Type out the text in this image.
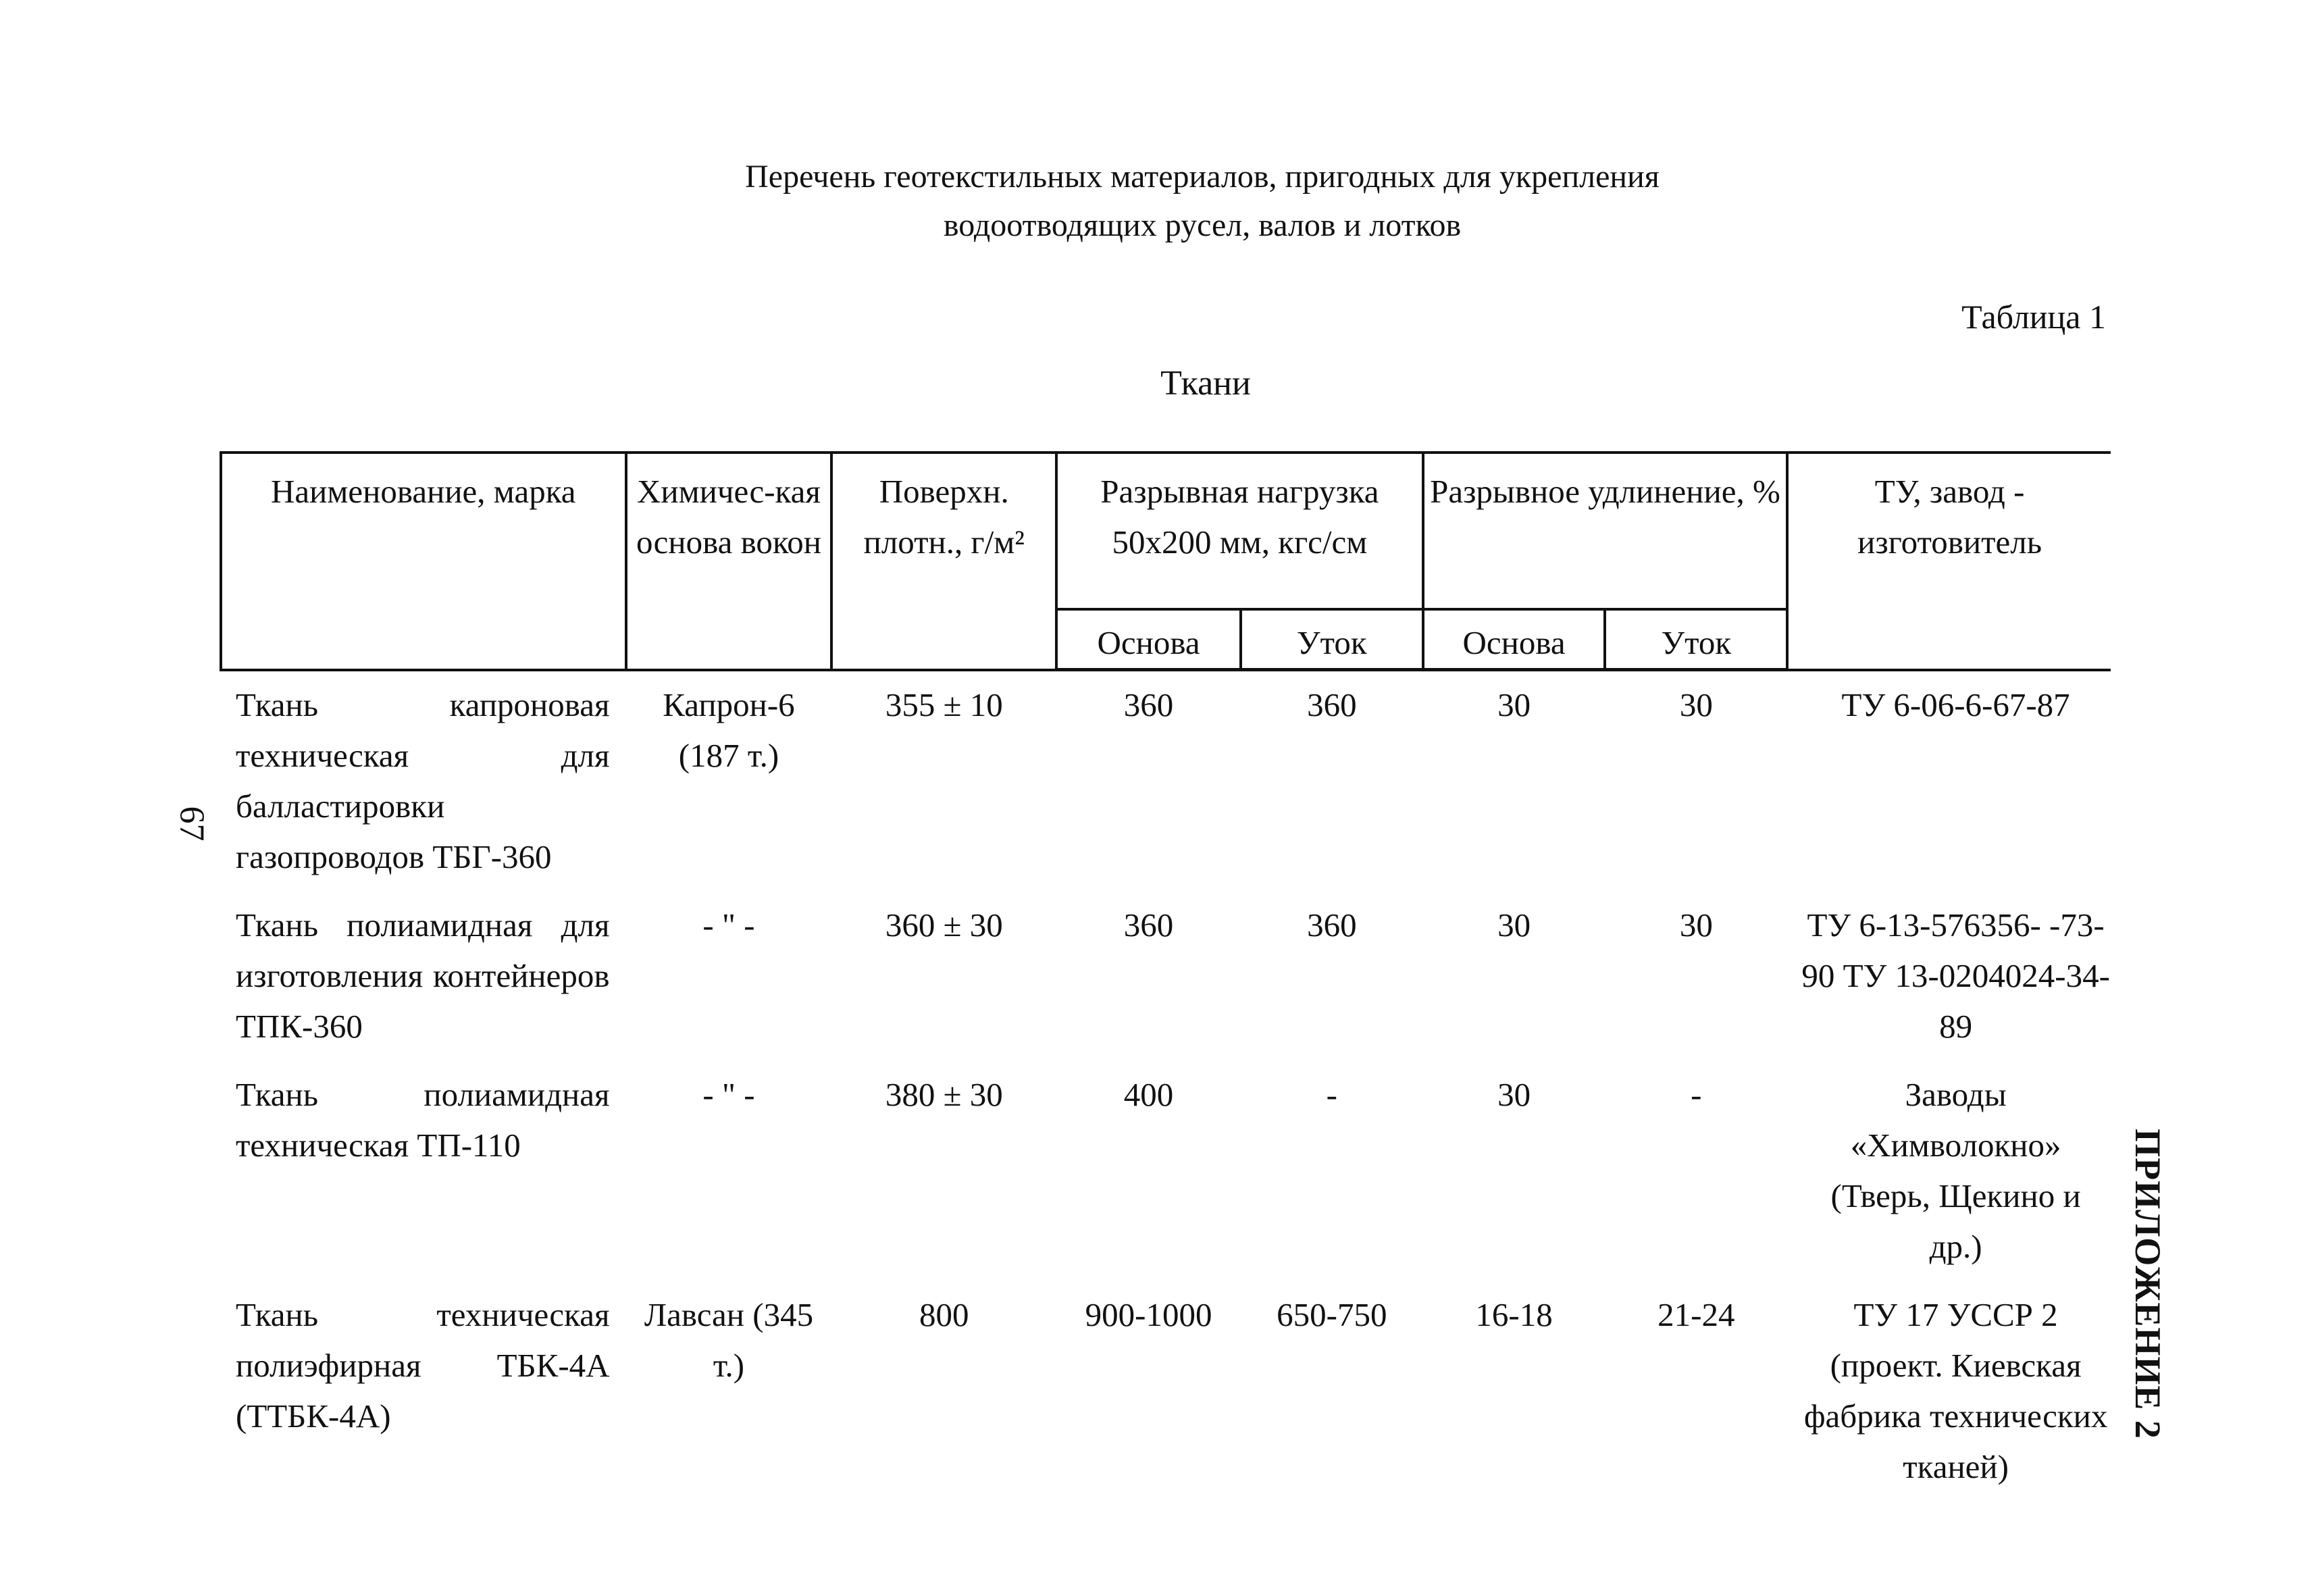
Перечень геотекстильных материалов, пригодных для укрепления
водоотводящих русел, валов и лотков
Таблица 1
Ткани
67
ПРИЛОЖЕНИЕ 2
Наименование, марка	Химичес-кая основа вокон	Поверхн. плотн., г/м²	Разрывная нагрузка 50х200 мм, кгс/см		Разрывное удлинение, %		ТУ, завод - изготовитель
			Основа	Уток	Основа	Уток	
Ткань капроновая техническая для балластировки газопроводов ТБГ-360	Капрон-6 (187 т.)	355 ± 10	360	360	30	30	ТУ 6-06-6-67-87
Ткань полиамидная для изготовления контейнеров ТПК-360	- " -	360 ± 30	360	360	30	30	ТУ 6-13-576356- -73-90 ТУ 13-0204024-34-89
Ткань полиамидная техническая ТП-110	- " -	380 ± 30	400	-	30	-	Заводы «Химволокно» (Тверь, Щекино и др.)
Ткань техническая полиэфирная ТБК-4А (ТТБК-4А)	Лавсан (345 т.)	800	900-1000	650-750	16-18	21-24	ТУ 17 УССР 2 (проект. Киевская фабрика технических тканей)
